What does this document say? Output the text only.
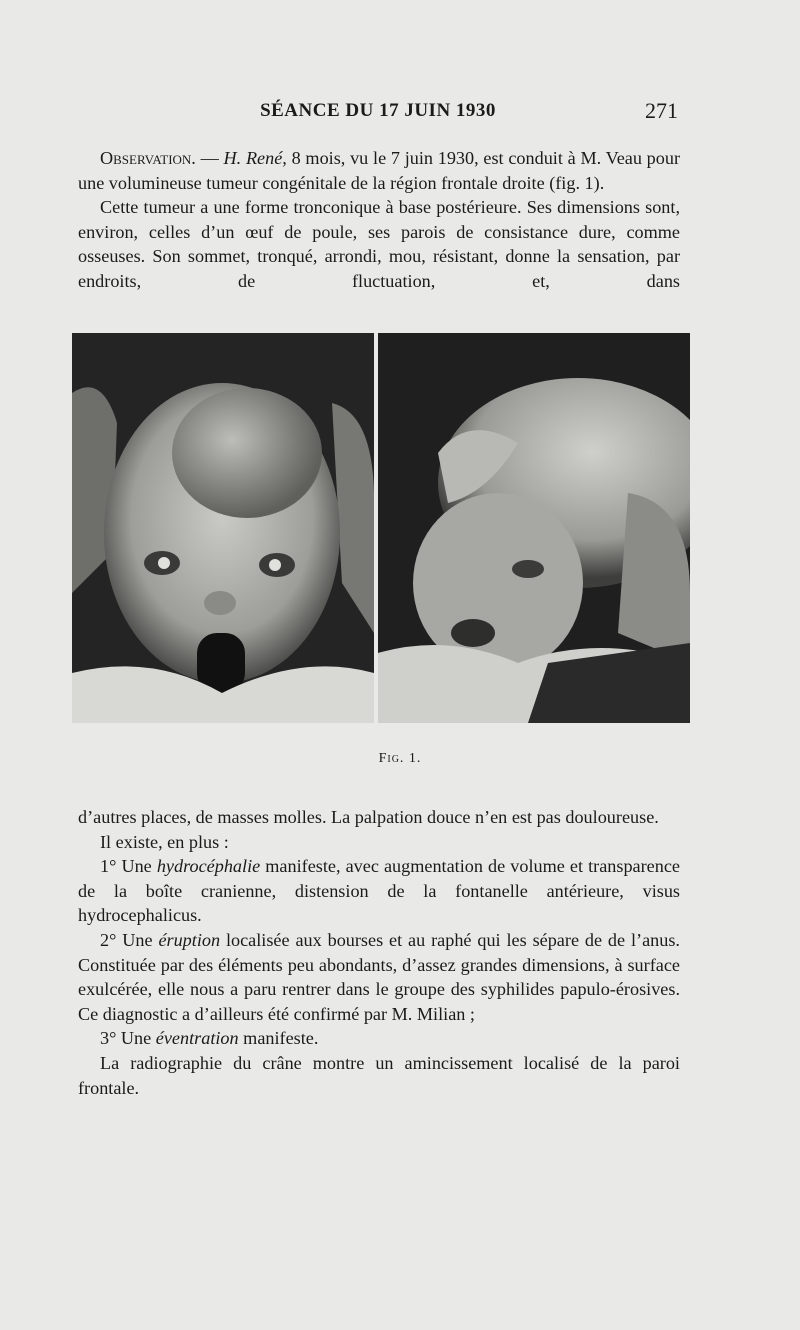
SÉANCE DU 17 JUIN 1930	271

Observation. — H. René, 8 mois, vu le 7 juin 1930, est conduit à M. Veau pour une volumineuse tumeur congénitale de la région frontale droite (fig. 1).

Cette tumeur a une forme tronconique à base postérieure. Ses dimensions sont, environ, celles d’un œuf de poule, ses parois de consistance dure, comme osseuses. Son sommet, tronqué, arrondi, mou, résistant, donne la sensation, par endroits, de fluctuation, et, dans

Fig. 1.

d’autres places, de masses molles. La palpation douce n’en est pas douloureuse.

Il existe, en plus :

1° Une hydrocéphalie manifeste, avec augmentation de volume et transparence de la boîte cranienne, distension de la fontanelle antérieure, visus hydrocephalicus.

2° Une éruption localisée aux bourses et au raphé qui les sépare de de l’anus. Constituée par des éléments peu abondants, d’assez grandes dimensions, à surface exulcérée, elle nous a paru rentrer dans le groupe des syphilides papulo-érosives. Ce diagnostic a d’ailleurs été confirmé par M. Milian ;

3° Une éventration manifeste.

La radiographie du crâne montre un amincissement localisé de la paroi frontale.
